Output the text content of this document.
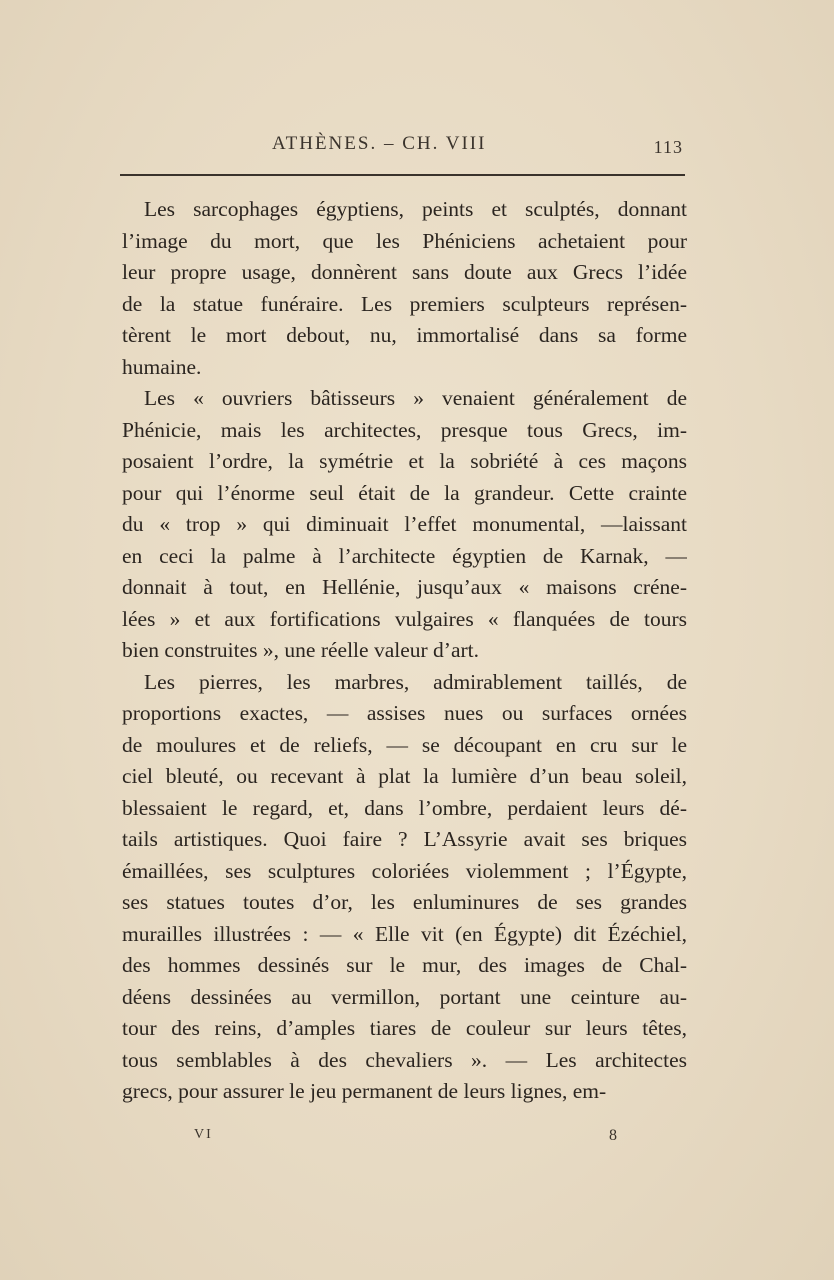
ATHÈNES. – CH. VIII	113
Les sarcophages égyptiens, peints et sculptés, donnant
l’image du mort, que les Phéniciens achetaient pour
leur propre usage, donnèrent sans doute aux Grecs l’idée
de la statue funéraire. Les premiers sculpteurs représen-
tèrent le mort debout, nu, immortalisé dans sa forme
humaine.
Les « ouvriers bâtisseurs » venaient généralement de
Phénicie, mais les architectes, presque tous Grecs, im-
posaient l’ordre, la symétrie et la sobriété à ces maçons
pour qui l’énorme seul était de la grandeur. Cette crainte
du « trop » qui diminuait l’effet monumental, —laissant
en ceci la palme à l’architecte égyptien de Karnak, —
donnait à tout, en Hellénie, jusqu’aux « maisons créne-
lées » et aux fortifications vulgaires « flanquées de tours
bien construites », une réelle valeur d’art.
Les pierres, les marbres, admirablement taillés, de
proportions exactes, — assises nues ou surfaces ornées
de moulures et de reliefs, — se découpant en cru sur le
ciel bleuté, ou recevant à plat la lumière d’un beau soleil,
blessaient le regard, et, dans l’ombre, perdaient leurs dé-
tails artistiques. Quoi faire ? L’Assyrie avait ses briques
émaillées, ses sculptures coloriées violemment ; l’Égypte,
ses statues toutes d’or, les enluminures de ses grandes
murailles illustrées : — « Elle vit (en Égypte) dit Ézéchiel,
des hommes dessinés sur le mur, des images de Chal-
déens dessinées au vermillon, portant une ceinture au-
tour des reins, d’amples tiares de couleur sur leurs têtes,
tous semblables à des chevaliers ». — Les architectes
grecs, pour assurer le jeu permanent de leurs lignes, em-
VI	8
